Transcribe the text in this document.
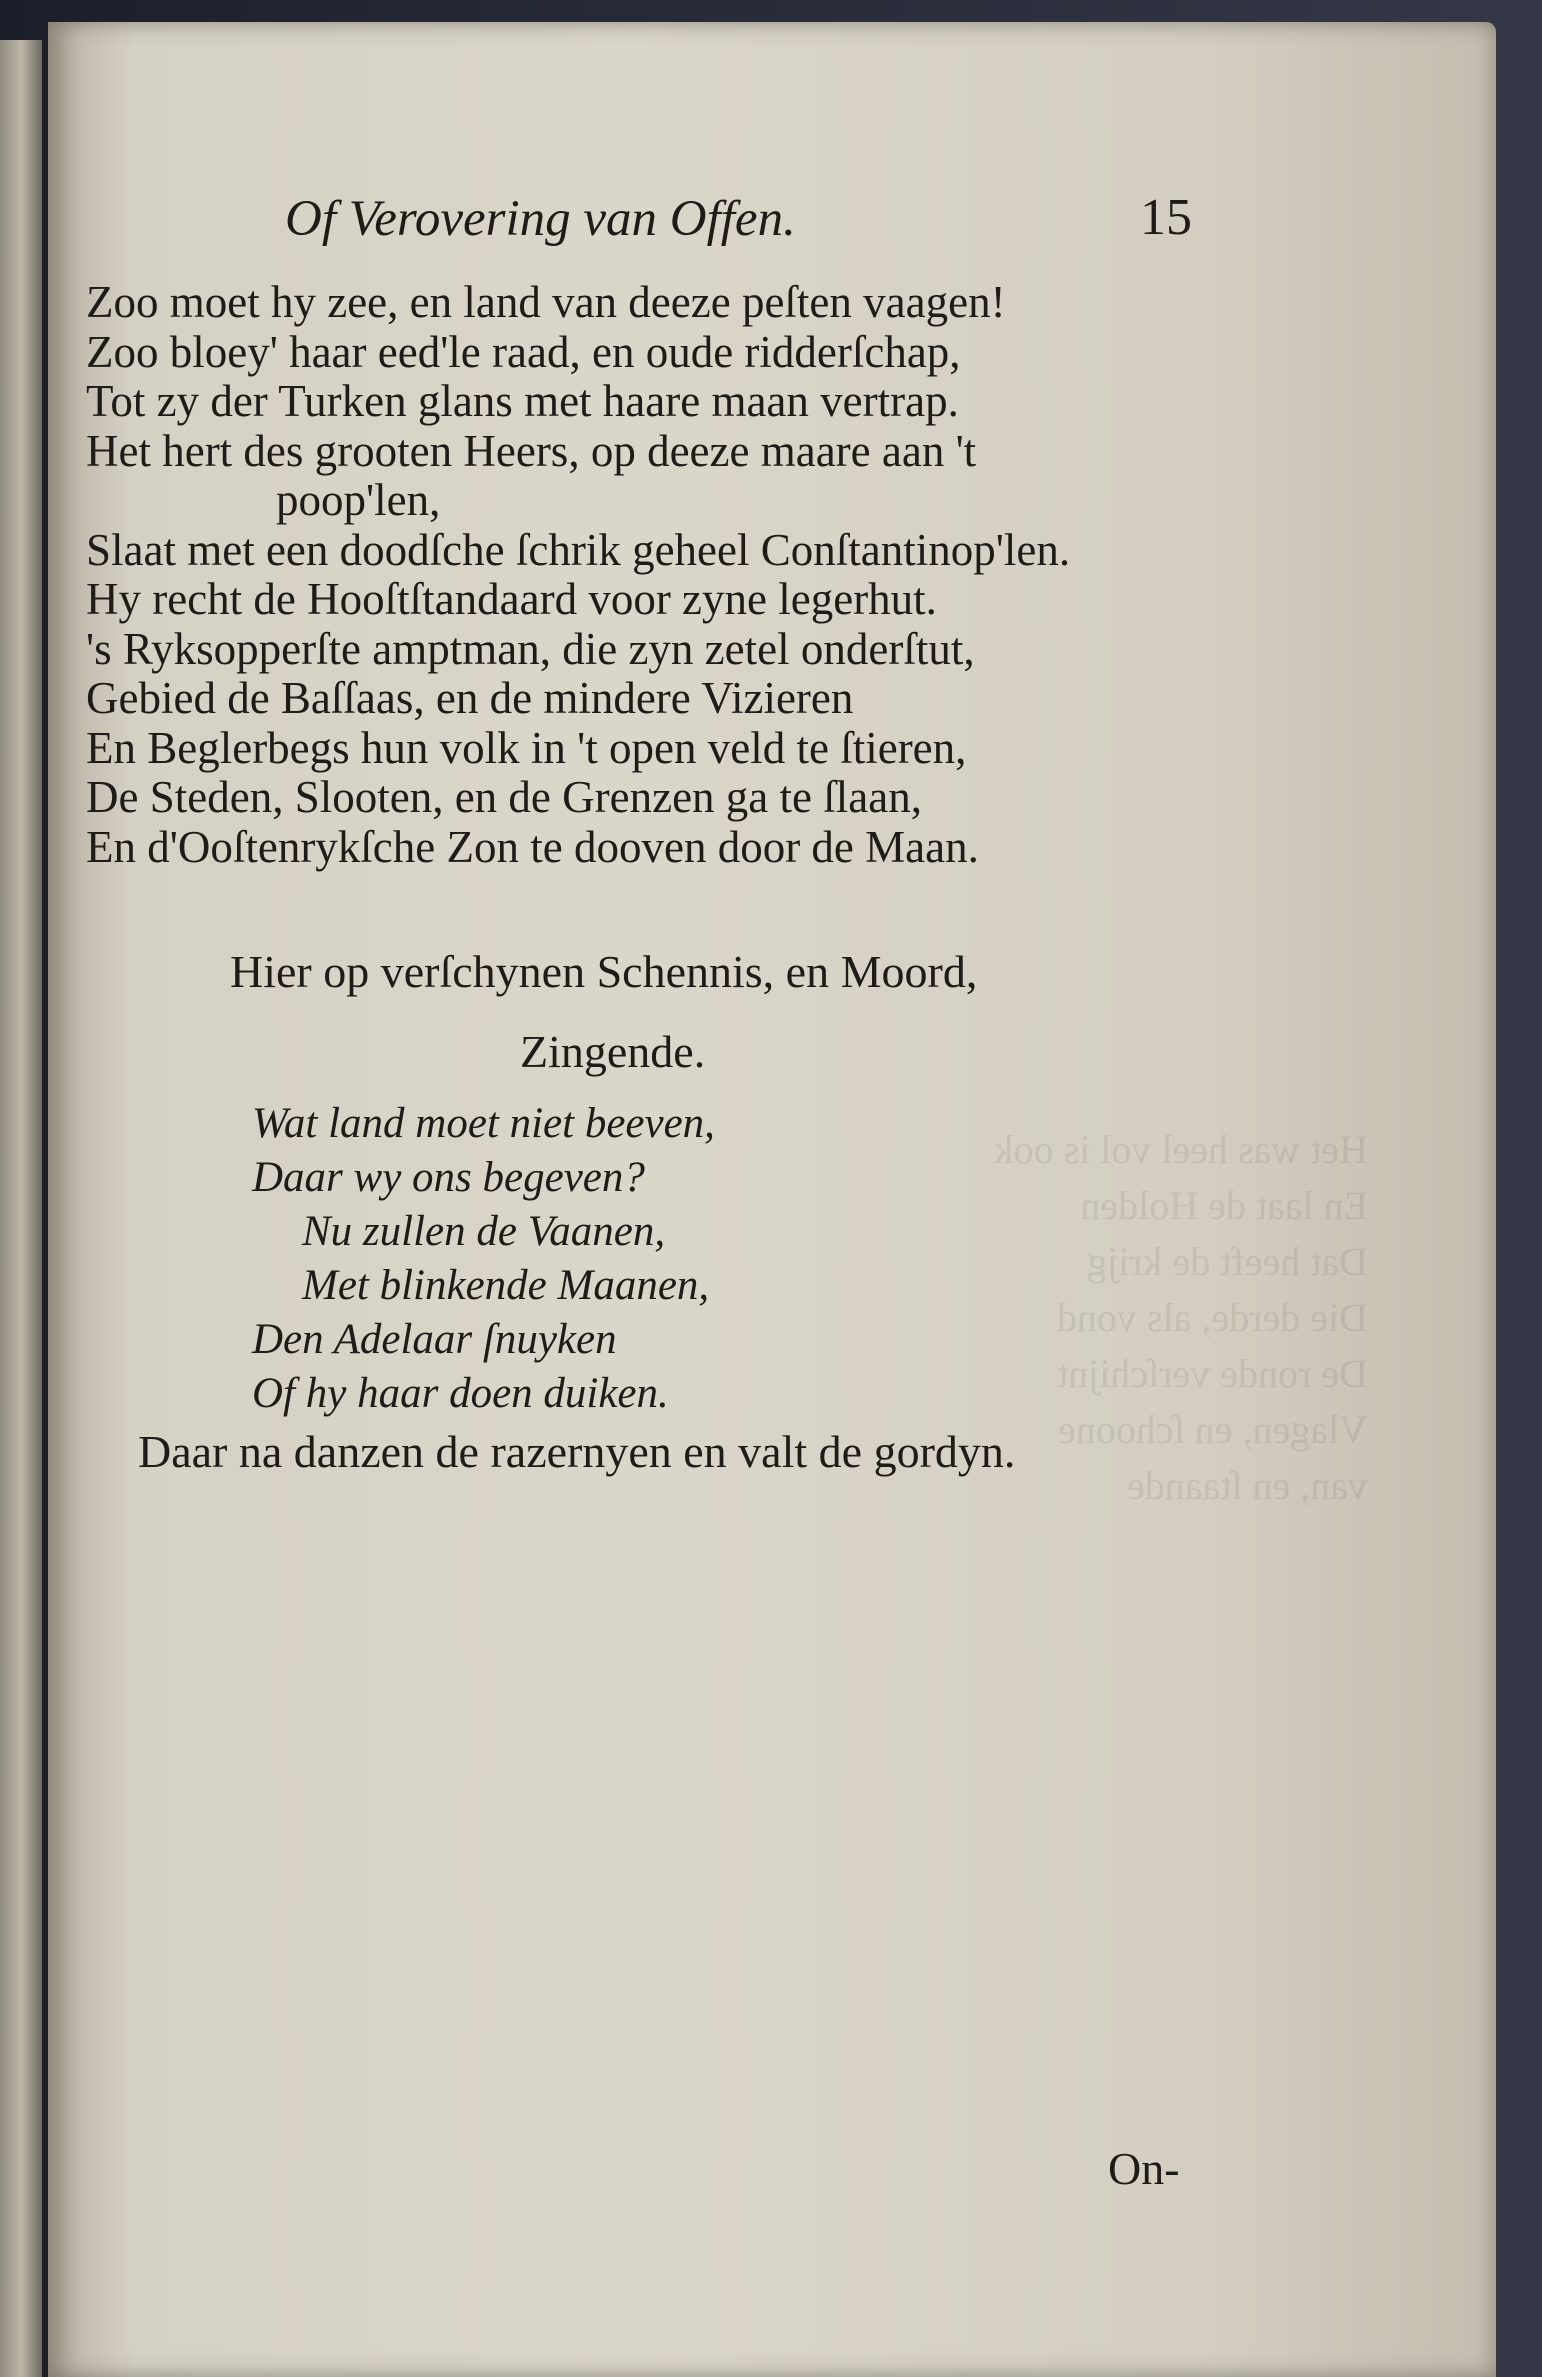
Het was heel vol is ook
En laat de Holden
Dat heeft de krijg
Die derde, als vond
De ronde verſchijnt
Vlagen, en ſchoone
van, en ſtaande
Of Verovering van Offen.	15
Zoo moet hy zee, en land van deeze peſten vaagen!
Zoo bloey' haar eed'le raad, en oude ridderſchap,
Tot zy der Turken glans met haare maan vertrap.
Het hert des grooten Heers, op deeze maare aan 't
poop'len,
Slaat met een doodſche ſchrik geheel Conſtantinop'len.
Hy recht de Hooſtſtandaard voor zyne legerhut.
's Ryksopperſte amptman, die zyn zetel onderſtut,
Gebied de Baſſaas, en de mindere Vizieren
En Beglerbegs hun volk in 't open veld te ſtieren,
De Steden, Slooten, en de Grenzen ga te ſlaan,
En d'Ooſtenrykſche Zon te dooven door de Maan.
Hier op verſchynen Schennis, en Moord,
Zingende.
Wat land moet niet beeven,
Daar wy ons begeven?
Nu zullen de Vaanen,
Met blinkende Maanen,
Den Adelaar ſnuyken
Of hy haar doen duiken.
Daar na danzen de razernyen en valt de gordyn.
On-
